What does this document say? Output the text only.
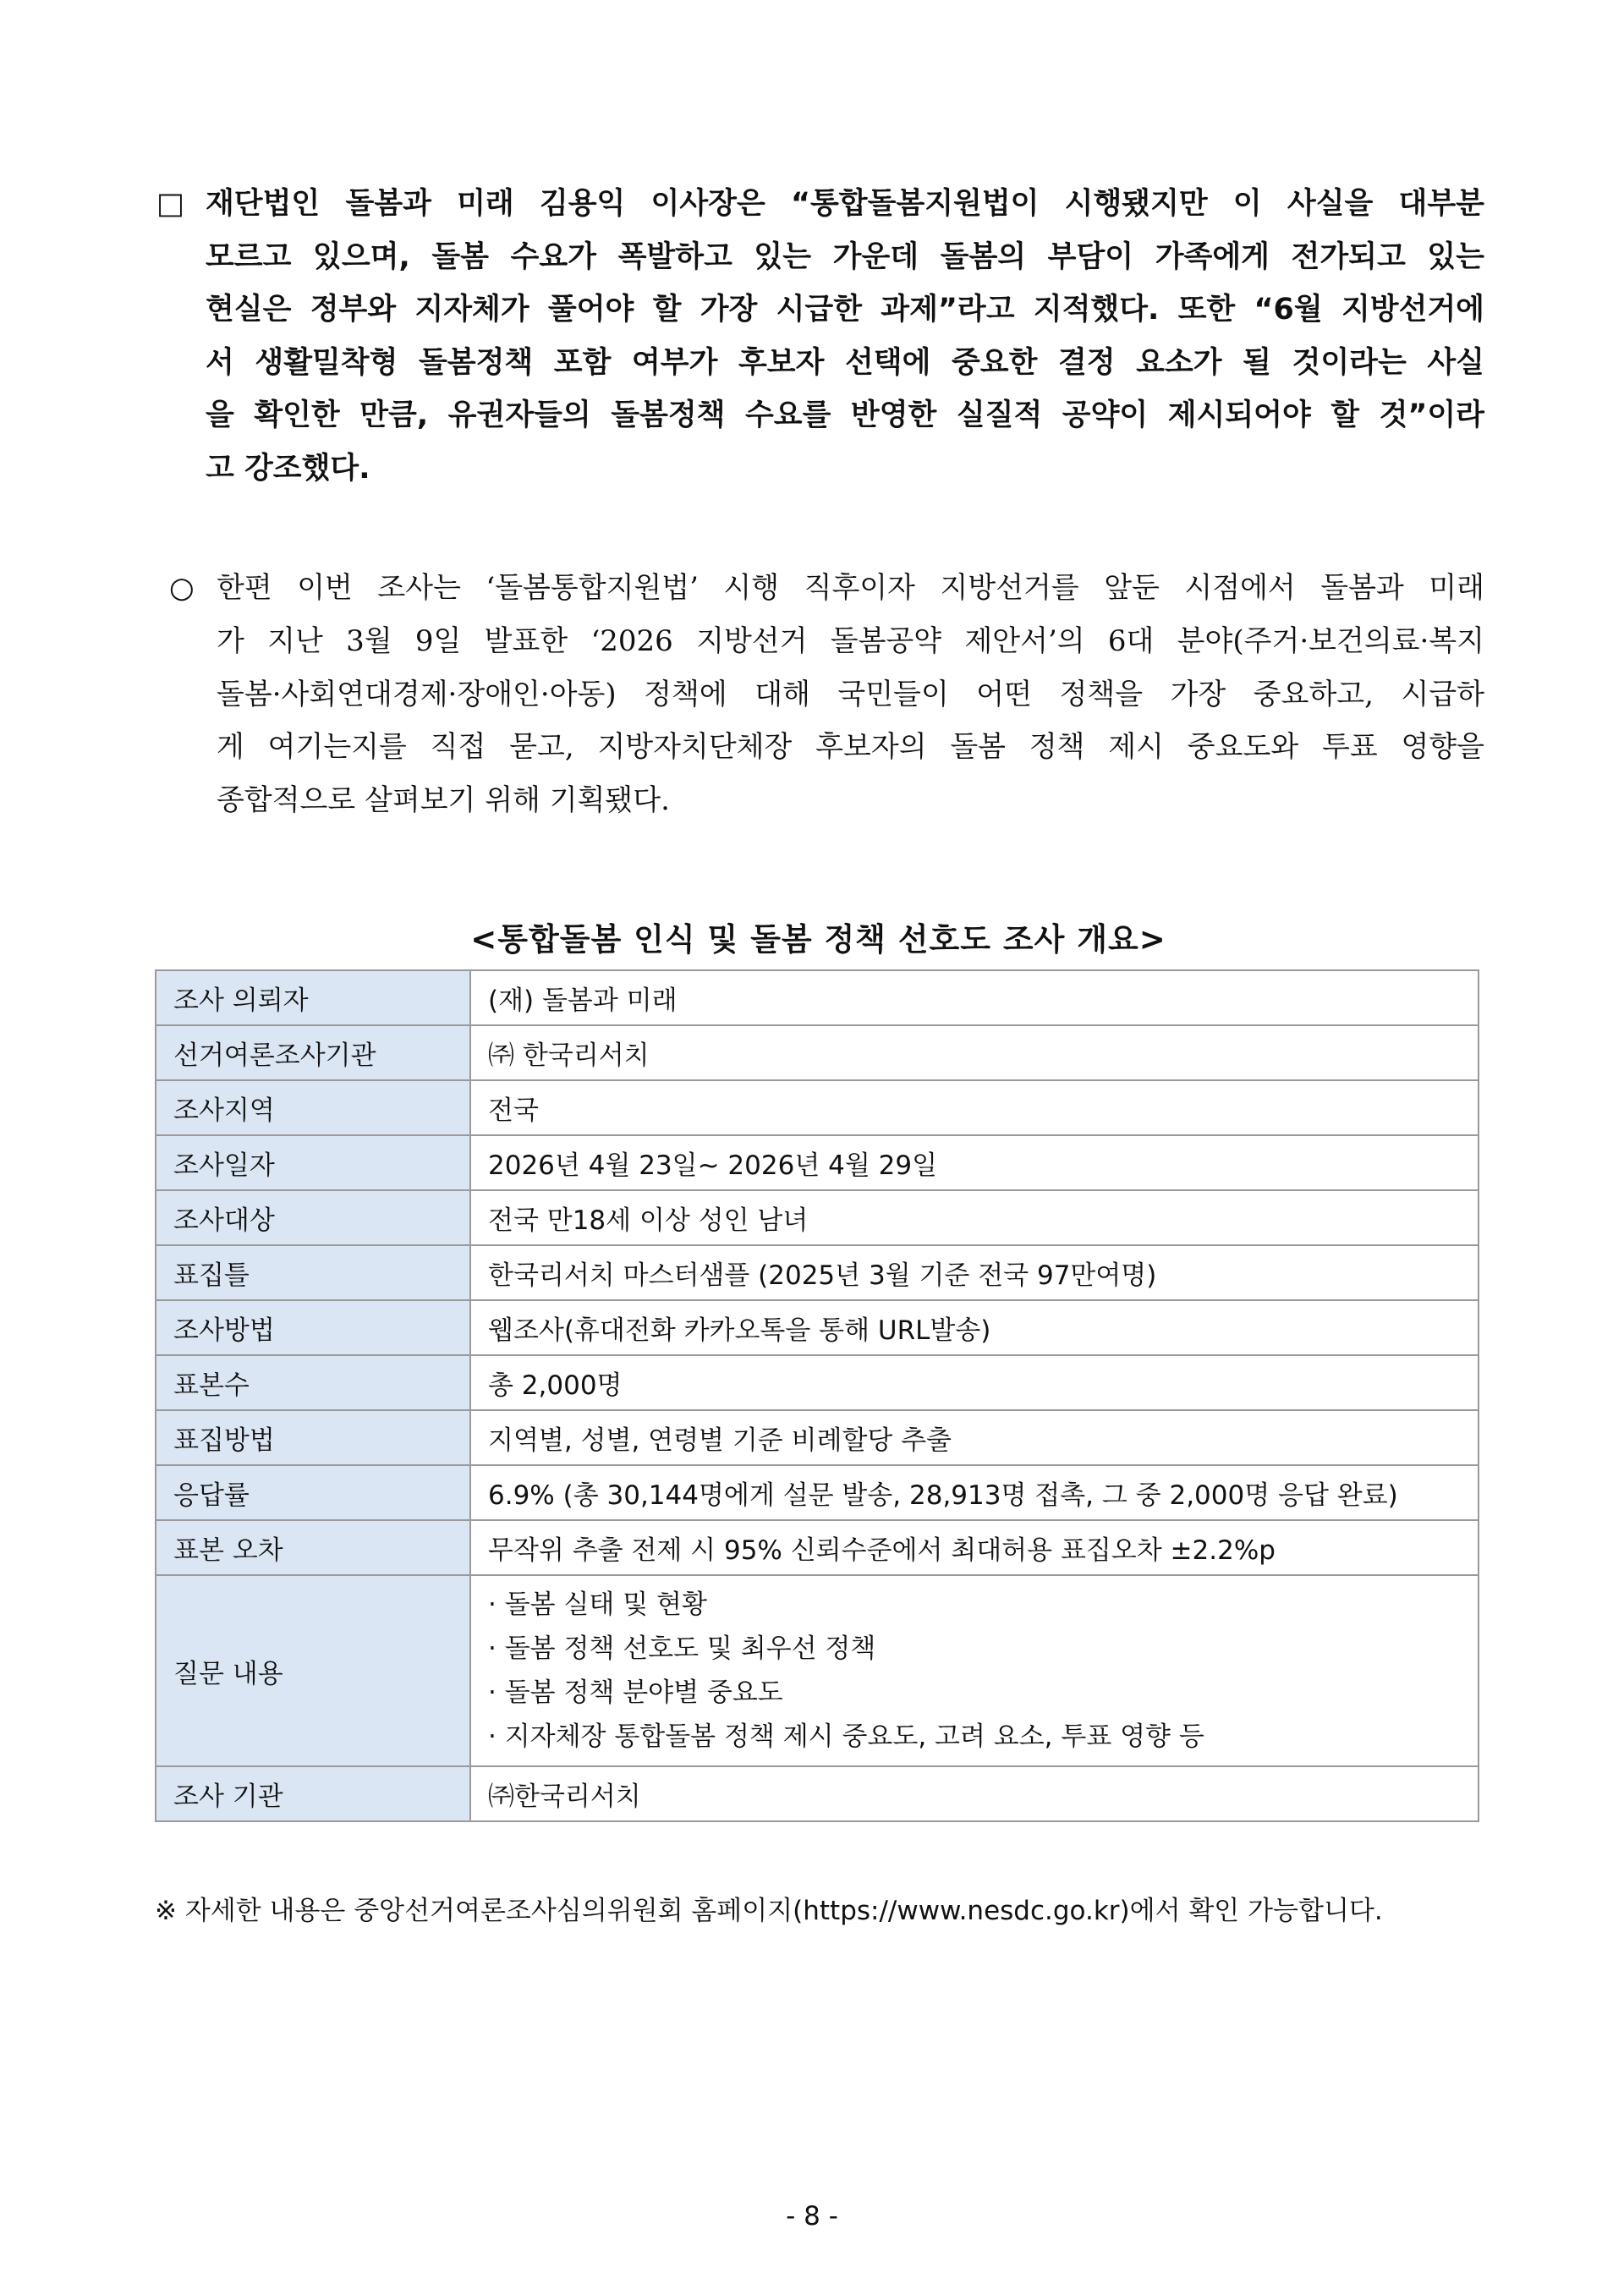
□ 재단법인 돌봄과 미래 김용익 이사장은 “통합돌봄지원법이 시행됐지만 이 사실을 대부분
모르고 있으며, 돌봄 수요가 폭발하고 있는 가운데 돌봄의 부담이 가족에게 전가되고 있는
현실은 정부와 지자체가 풀어야 할 가장 시급한 과제”라고 지적했다. 또한 “6월 지방선거에
서 생활밀착형 돌봄정책 포함 여부가 후보자 선택에 중요한 결정 요소가 될 것이라는 사실
을 확인한 만큼, 유권자들의 돌봄정책 수요를 반영한 실질적 공약이 제시되어야 할 것”이라
고 강조했다.
○ 한편 이번 조사는 ‘돌봄통합지원법’ 시행 직후이자 지방선거를 앞둔 시점에서 돌봄과 미래
가 지난 3월 9일 발표한 ‘2026 지방선거 돌봄공약 제안서’의 6대 분야(주거·보건의료·복지
돌봄·사회연대경제·장애인·아동) 정책에 대해 국민들이 어떤 정책을 가장 중요하고, 시급하
게 여기는지를 직접 묻고, 지방자치단체장 후보자의 돌봄 정책 제시 중요도와 투표 영향을
종합적으로 살펴보기 위해 기획됐다.
<통합돌봄 인식 및 돌봄 정책 선호도 조사 개요>
조사 의뢰자	(재) 돌봄과 미래
선거여론조사기관	㈜ 한국리서치
조사지역	전국
조사일자	2026년 4월 23일~ 2026년 4월 29일
조사대상	전국 만18세 이상 성인 남녀
표집틀	한국리서치 마스터샘플 (2025년 3월 기준 전국 97만여명)
조사방법	웹조사(휴대전화 카카오톡을 통해 URL발송)
표본수	총 2,000명
표집방법	지역별, 성별, 연령별 기준 비례할당 추출
응답률	6.9% (총 30,144명에게 설문 발송, 28,913명 접촉, 그 중 2,000명 응답 완료)
표본 오차	무작위 추출 전제 시 95% 신뢰수준에서 최대허용 표집오차 ±2.2%p
질문 내용	· 돌봄 실태 및 현황
· 돌봄 정책 선호도 및 최우선 정책
· 돌봄 정책 분야별 중요도
· 지자체장 통합돌봄 정책 제시 중요도, 고려 요소, 투표 영향 등

조사 기관	㈜한국리서치
※ 자세한 내용은 중앙선거여론조사심의위원회 홈페이지(https://www.nesdc.go.kr)에서 확인 가능합니다.
- 8 -
